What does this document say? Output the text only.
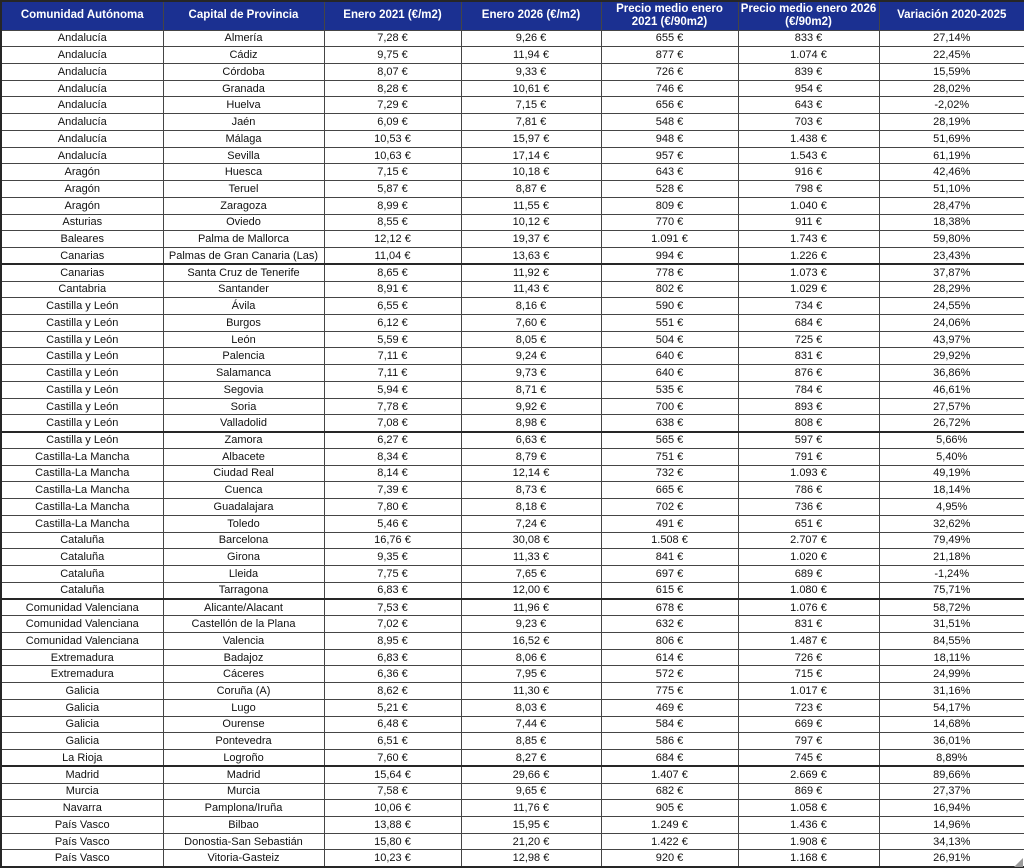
Comunidad Autónoma	Capital de Provincia	Enero 2021 (€/m2)	Enero 2026 (€/m2)	Precio medio enero 2021 (€/90m2)	Precio medio enero 2026 (€/90m2)	Variación 2020-2025
Andalucía	Almería	7,28 €	9,26 €	655 €	833 €	27,14%
Andalucía	Cádiz	9,75 €	11,94 €	877 €	1.074 €	22,45%
Andalucía	Córdoba	8,07 €	9,33 €	726 €	839 €	15,59%
Andalucía	Granada	8,28 €	10,61 €	746 €	954 €	28,02%
Andalucía	Huelva	7,29 €	7,15 €	656 €	643 €	-2,02%
Andalucía	Jaén	6,09 €	7,81 €	548 €	703 €	28,19%
Andalucía	Málaga	10,53 €	15,97 €	948 €	1.438 €	51,69%
Andalucía	Sevilla	10,63 €	17,14 €	957 €	1.543 €	61,19%
Aragón	Huesca	7,15 €	10,18 €	643 €	916 €	42,46%
Aragón	Teruel	5,87 €	8,87 €	528 €	798 €	51,10%
Aragón	Zaragoza	8,99 €	11,55 €	809 €	1.040 €	28,47%
Asturias	Oviedo	8,55 €	10,12 €	770 €	911 €	18,38%
Baleares	Palma de Mallorca	12,12 €	19,37 €	1.091 €	1.743 €	59,80%
Canarias	Palmas de Gran Canaria (Las)	11,04 €	13,63 €	994 €	1.226 €	23,43%
Canarias	Santa Cruz de Tenerife	8,65 €	11,92 €	778 €	1.073 €	37,87%
Cantabria	Santander	8,91 €	11,43 €	802 €	1.029 €	28,29%
Castilla y León	Ávila	6,55 €	8,16 €	590 €	734 €	24,55%
Castilla y León	Burgos	6,12 €	7,60 €	551 €	684 €	24,06%
Castilla y León	León	5,59 €	8,05 €	504 €	725 €	43,97%
Castilla y León	Palencia	7,11 €	9,24 €	640 €	831 €	29,92%
Castilla y León	Salamanca	7,11 €	9,73 €	640 €	876 €	36,86%
Castilla y León	Segovia	5,94 €	8,71 €	535 €	784 €	46,61%
Castilla y León	Soria	7,78 €	9,92 €	700 €	893 €	27,57%
Castilla y León	Valladolid	7,08 €	8,98 €	638 €	808 €	26,72%
Castilla y León	Zamora	6,27 €	6,63 €	565 €	597 €	5,66%
Castilla-La Mancha	Albacete	8,34 €	8,79 €	751 €	791 €	5,40%
Castilla-La Mancha	Ciudad Real	8,14 €	12,14 €	732 €	1.093 €	49,19%
Castilla-La Mancha	Cuenca	7,39 €	8,73 €	665 €	786 €	18,14%
Castilla-La Mancha	Guadalajara	7,80 €	8,18 €	702 €	736 €	4,95%
Castilla-La Mancha	Toledo	5,46 €	7,24 €	491 €	651 €	32,62%
Cataluña	Barcelona	16,76 €	30,08 €	1.508 €	2.707 €	79,49%
Cataluña	Girona	9,35 €	11,33 €	841 €	1.020 €	21,18%
Cataluña	Lleida	7,75 €	7,65 €	697 €	689 €	-1,24%
Cataluña	Tarragona	6,83 €	12,00 €	615 €	1.080 €	75,71%
Comunidad Valenciana	Alicante/Alacant	7,53 €	11,96 €	678 €	1.076 €	58,72%
Comunidad Valenciana	Castellón de la Plana	7,02 €	9,23 €	632 €	831 €	31,51%
Comunidad Valenciana	Valencia	8,95 €	16,52 €	806 €	1.487 €	84,55%
Extremadura	Badajoz	6,83 €	8,06 €	614 €	726 €	18,11%
Extremadura	Cáceres	6,36 €	7,95 €	572 €	715 €	24,99%
Galicia	Coruña (A)	8,62 €	11,30 €	775 €	1.017 €	31,16%
Galicia	Lugo	5,21 €	8,03 €	469 €	723 €	54,17%
Galicia	Ourense	6,48 €	7,44 €	584 €	669 €	14,68%
Galicia	Pontevedra	6,51 €	8,85 €	586 €	797 €	36,01%
La Rioja	Logroño	7,60 €	8,27 €	684 €	745 €	8,89%
Madrid	Madrid	15,64 €	29,66 €	1.407 €	2.669 €	89,66%
Murcia	Murcia	7,58 €	9,65 €	682 €	869 €	27,37%
Navarra	Pamplona/Iruña	10,06 €	11,76 €	905 €	1.058 €	16,94%
País Vasco	Bilbao	13,88 €	15,95 €	1.249 €	1.436 €	14,96%
País Vasco	Donostia-San Sebastián	15,80 €	21,20 €	1.422 €	1.908 €	34,13%
País Vasco	Vitoria-Gasteiz	10,23 €	12,98 €	920 €	1.168 €	26,91%
